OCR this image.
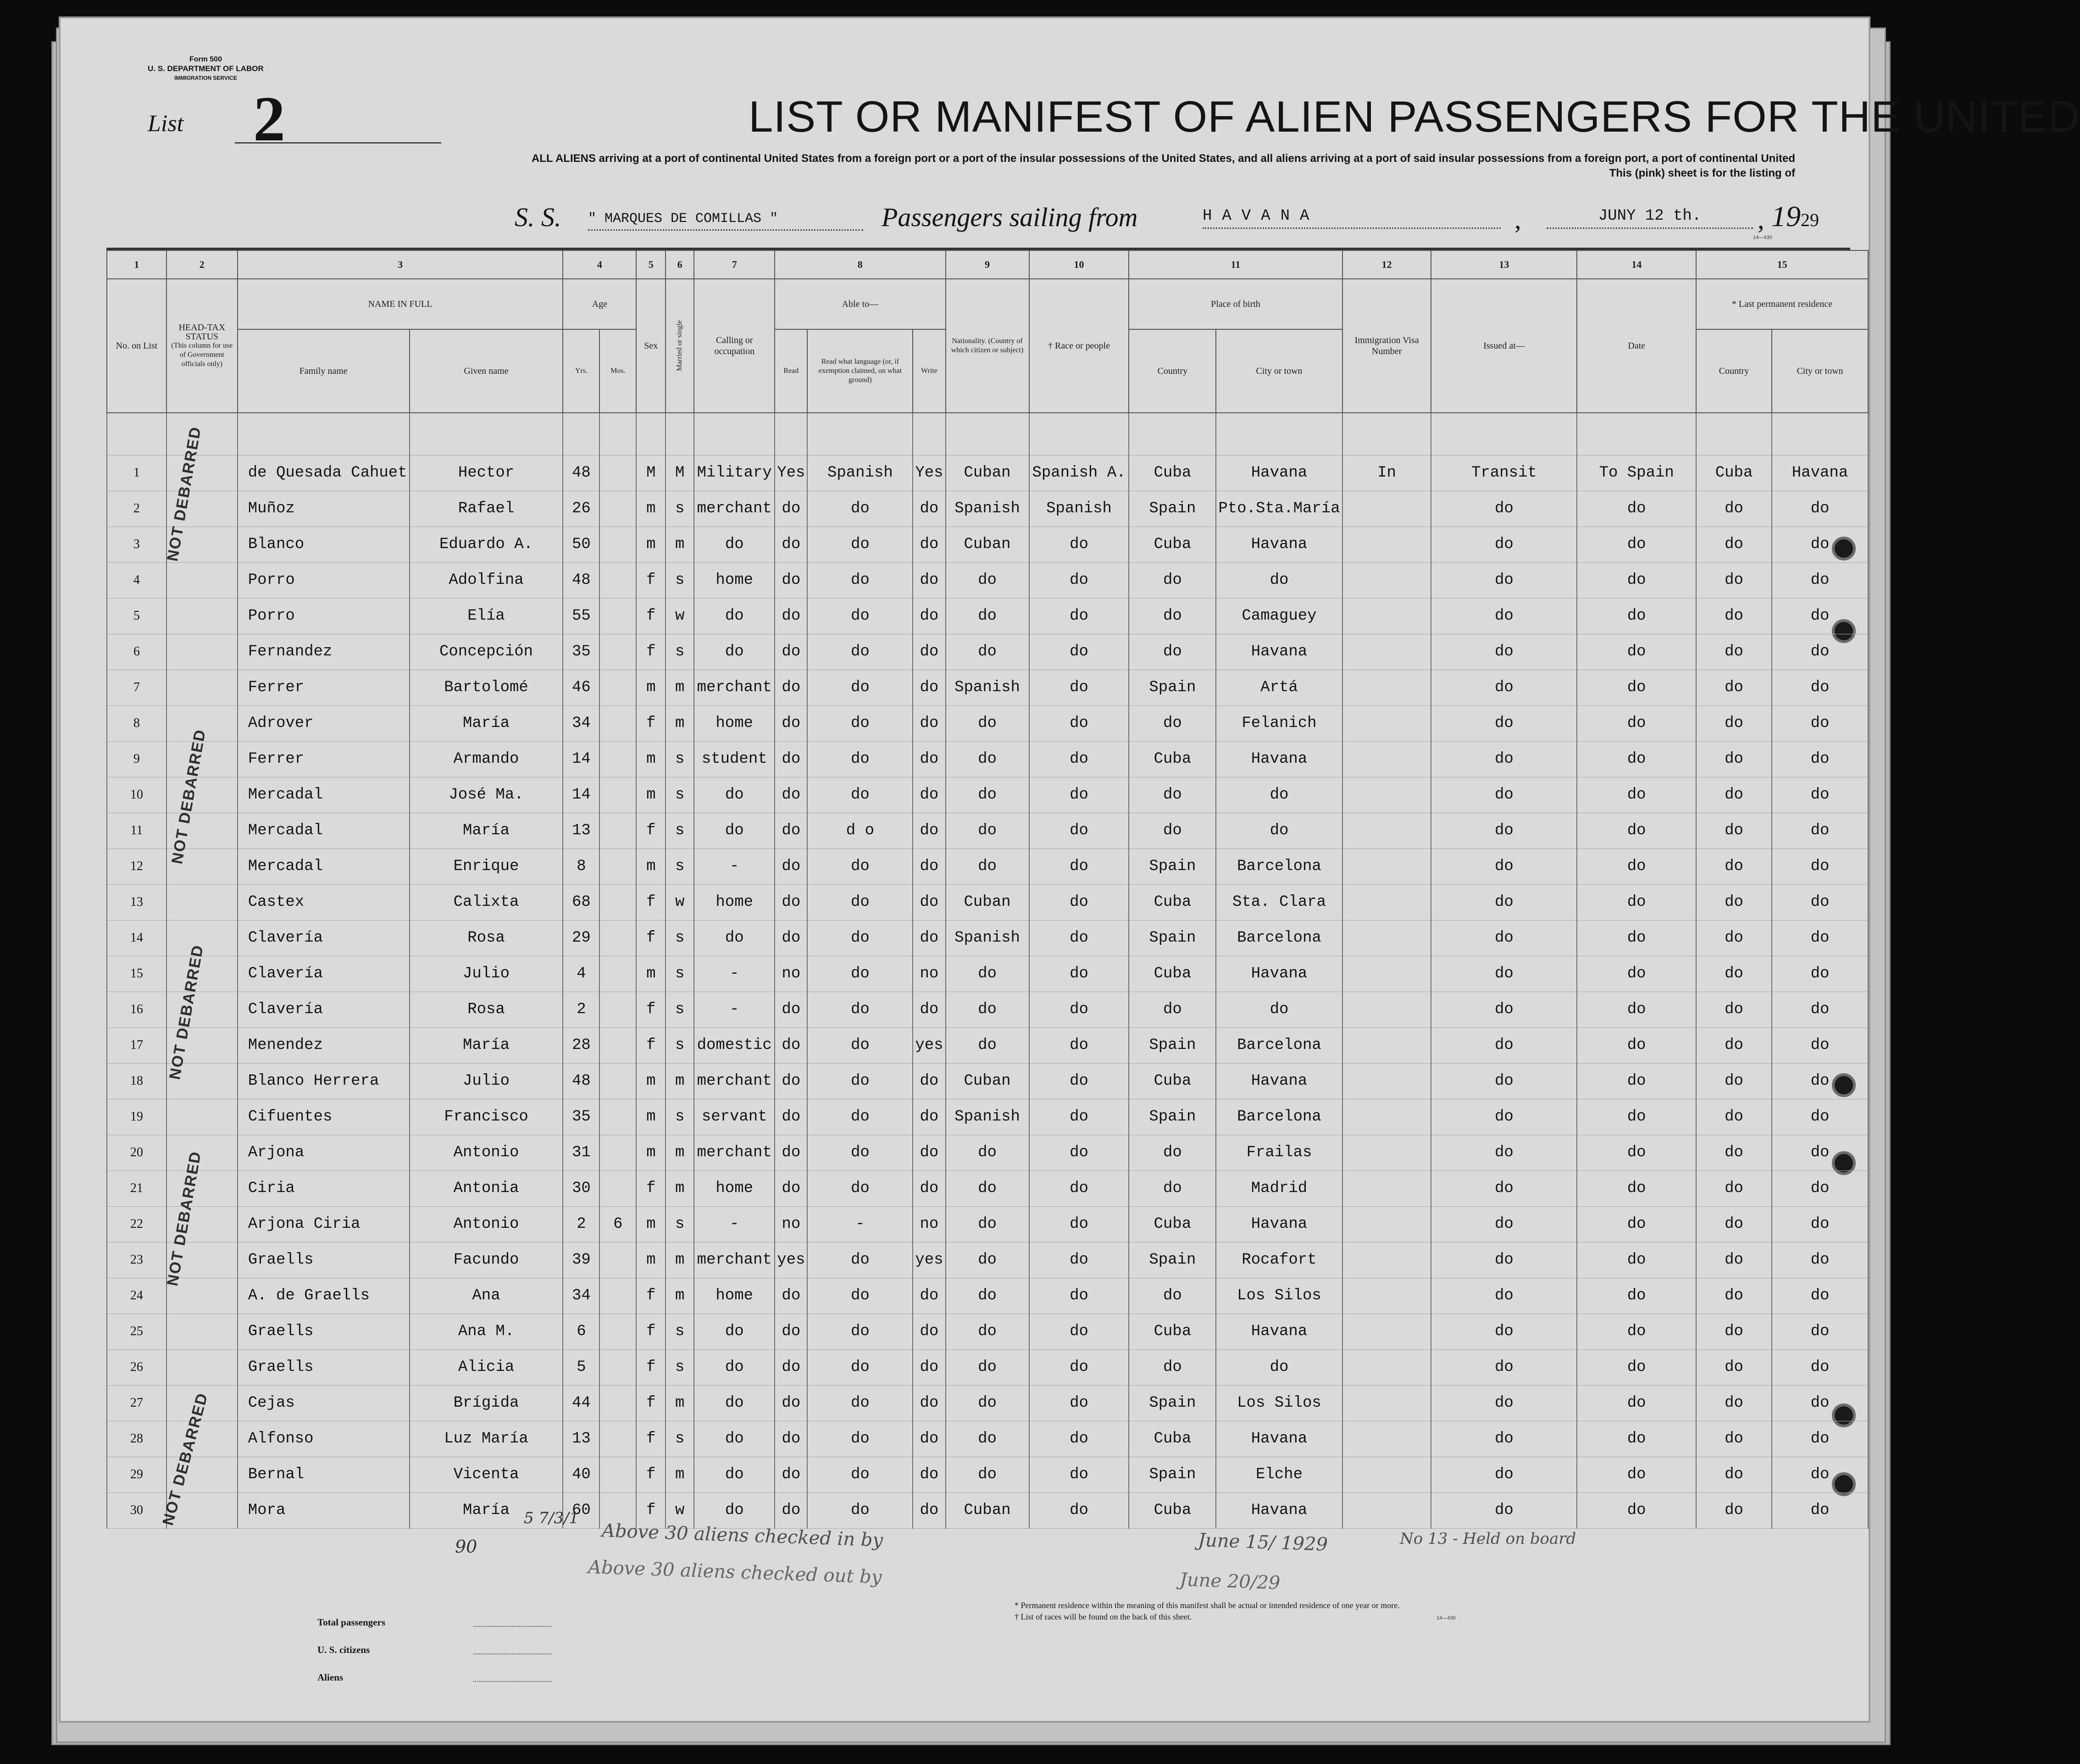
Form 500
U. S. DEPARTMENT OF LABOR
IMMIGRATION SERVICE
List 2	LIST OR MANIFEST OF ALIEN PASSENGERS FOR THE UNITED
ALL ALIENS arriving at a port of continental United States from a foreign port or a port of the insular possessions of the United States, and all aliens arriving at a port of said insular possessions from a foreign port, a port of continental United
This (pink) sheet is for the listing of
S. S. " MARQUES DE COMILLAS "	Passengers sailing from	HAVANA	,	JUNY 12 th.	, 1929
14—430
1	2	3		4		5	6	7	8			9	10	11		12	13	14	15	
No. on List	HEAD-TAX STATUS
(This column for use of Government officials only)	NAME IN FULL		Age		Sex	Married or single	Calling or occupation	Able to—			Nationality. (Country of which citizen or subject)	† Race or people	Place of birth		Immigration Visa Number	Issued at—	Date	* Last permanent residence	
		Family name	Given name	Yrs.	Mos.				Read	Read what language (or, if exemption claimed, on what ground)	Write			Country	City or town				Country	City or town

1		de Quesada Cahuet	Hector	48		M	M	Military	Yes	Spanish	Yes	Cuban	Spanish A.	Cuba	Havana	In	Transit	To Spain	Cuba	Havana
2		Muñoz	Rafael	26		m	s	merchant	do	do	do	Spanish	Spanish	Spain	Pto.Sta.María		do	do	do	do
3		Blanco	Eduardo A.	50		m	m	do	do	do	do	Cuban	do	Cuba	Havana		do	do	do	do
4		Porro	Adolfina	48		f	s	home	do	do	do	do	do	do	do		do	do	do	do
5		Porro	Elía	55		f	w	do	do	do	do	do	do	do	Camaguey		do	do	do	do
6		Fernandez	Concepción	35		f	s	do	do	do	do	do	do	do	Havana		do	do	do	do
7		Ferrer	Bartolomé	46		m	m	merchant	do	do	do	Spanish	do	Spain	Artá		do	do	do	do
8		Adrover	María	34		f	m	home	do	do	do	do	do	do	Felanich		do	do	do	do
9		Ferrer	Armando	14		m	s	student	do	do	do	do	do	Cuba	Havana		do	do	do	do
10		Mercadal	José Ma.	14		m	s	do	do	do	do	do	do	do	do		do	do	do	do
11		Mercadal	María	13		f	s	do	do	d o	do	do	do	do	do		do	do	do	do
12		Mercadal	Enrique	8		m	s	-	do	do	do	do	do	Spain	Barcelona		do	do	do	do
13		Castex	Calixta	68		f	w	home	do	do	do	Cuban	do	Cuba	Sta. Clara		do	do	do	do
14		Clavería	Rosa	29		f	s	do	do	do	do	Spanish	do	Spain	Barcelona		do	do	do	do
15		Clavería	Julio	4		m	s	-	no	do	no	do	do	Cuba	Havana		do	do	do	do
16		Clavería	Rosa	2		f	s	-	do	do	do	do	do	do	do		do	do	do	do
17		Menendez	María	28		f	s	domestic	do	do	yes	do	do	Spain	Barcelona		do	do	do	do
18		Blanco Herrera	Julio	48		m	m	merchant	do	do	do	Cuban	do	Cuba	Havana		do	do	do	do
19		Cifuentes	Francisco	35		m	s	servant	do	do	do	Spanish	do	Spain	Barcelona		do	do	do	do
20		Arjona	Antonio	31		m	m	merchant	do	do	do	do	do	do	Frailas		do	do	do	do
21		Ciria	Antonia	30		f	m	home	do	do	do	do	do	do	Madrid		do	do	do	do
22		Arjona Ciria	Antonio	2	6	m	s	-	no	-	no	do	do	Cuba	Havana		do	do	do	do
23		Graells	Facundo	39		m	m	merchant	yes	do	yes	do	do	Spain	Rocafort		do	do	do	do
24		A. de Graells	Ana	34		f	m	home	do	do	do	do	do	do	Los Silos		do	do	do	do
25		Graells	Ana M.	6		f	s	do	do	do	do	do	do	Cuba	Havana		do	do	do	do
26		Graells	Alicia	5		f	s	do	do	do	do	do	do	do	do		do	do	do	do
27		Cejas	Brígida	44		f	m	do	do	do	do	do	do	Spain	Los Silos		do	do	do	do
28		Alfonso	Luz María	13		f	s	do	do	do	do	do	do	Cuba	Havana		do	do	do	do
29		Bernal	Vicenta	40		f	m	do	do	do	do	do	do	Spain	Elche		do	do	do	do
30		Mora	María	60		f	w	do	do	do	do	Cuban	do	Cuba	Havana		do	do	do	do
NOT DEBARRED
NOT DEBARRED
NOT DEBARRED
NOT DEBARRED
NOT DEBARRED
90
5 7/3/1
Above 30 aliens checked in by	June 15/ 1929	No 13 - Held on board
Above 30 aliens checked out by	June 20/29
Total passengers
U. S. citizens
Aliens
* Permanent residence within the meaning of this manifest shall be actual or intended residence of one year or more.
† List of races will be found on the back of this sheet.	14—430
